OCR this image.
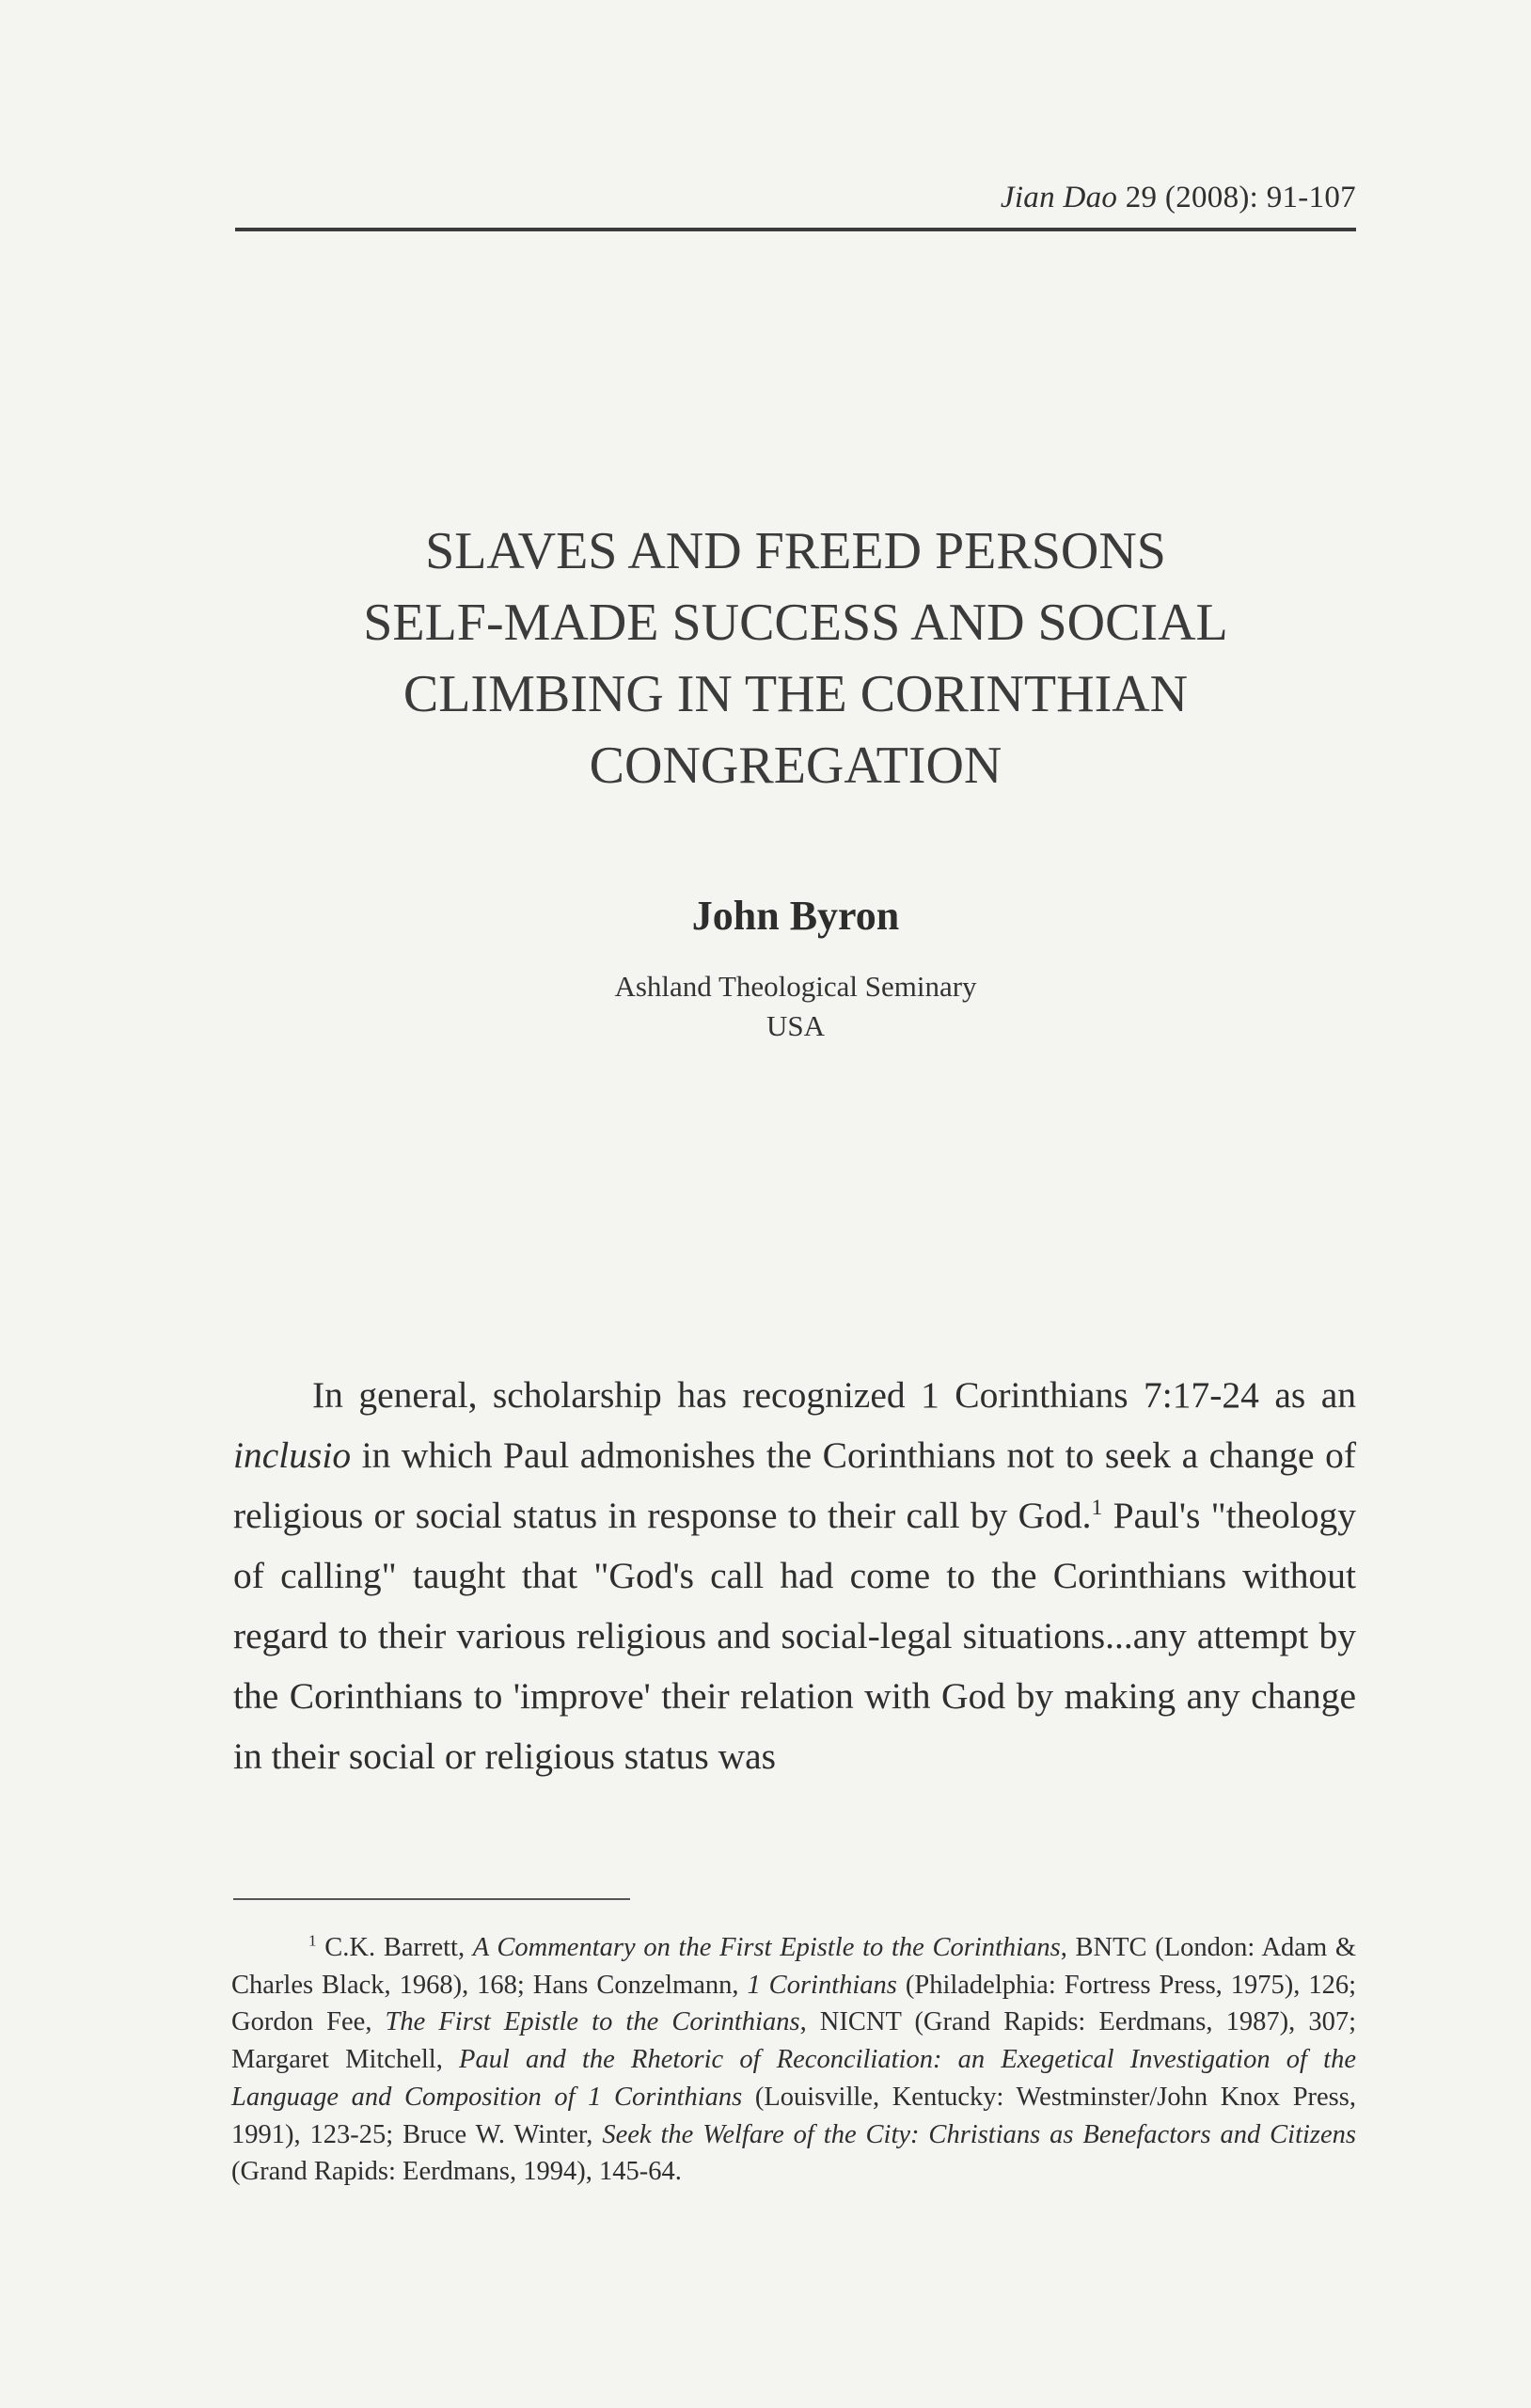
Jian Dao 29 (2008): 91-107
SLAVES AND FREED PERSONS
SELF-MADE SUCCESS AND SOCIAL
CLIMBING IN THE CORINTHIAN
CONGREGATION
John Byron
Ashland Theological Seminary
USA

In general, scholarship has recognized 1 Corinthians 7:17-24 as an inclusio in which Paul admonishes the Corinthians not to seek a change of religious or social status in response to their call by God.$^1$ Paul's "theology of calling" taught that "God's call had come to the Corinthians without regard to their various religious and social-legal situations...any attempt by the Corinthians to 'improve' their relation with God by making any change in their social or religious status was

$^1$ C.K. Barrett, A Commentary on the First Epistle to the Corinthians, BNTC (London: Adam & Charles Black, 1968), 168; Hans Conzelmann, 1 Corinthians (Philadelphia: Fortress Press, 1975), 126; Gordon Fee, The First Epistle to the Corinthians, NICNT (Grand Rapids: Eerdmans, 1987), 307; Margaret Mitchell, Paul and the Rhetoric of Reconciliation: an Exegetical Investigation of the Language and Composition of 1 Corinthians (Louisville, Kentucky: Westminster/John Knox Press, 1991), 123-25; Bruce W. Winter, Seek the Welfare of the City: Christians as Benefactors and Citizens (Grand Rapids: Eerdmans, 1994), 145-64.
